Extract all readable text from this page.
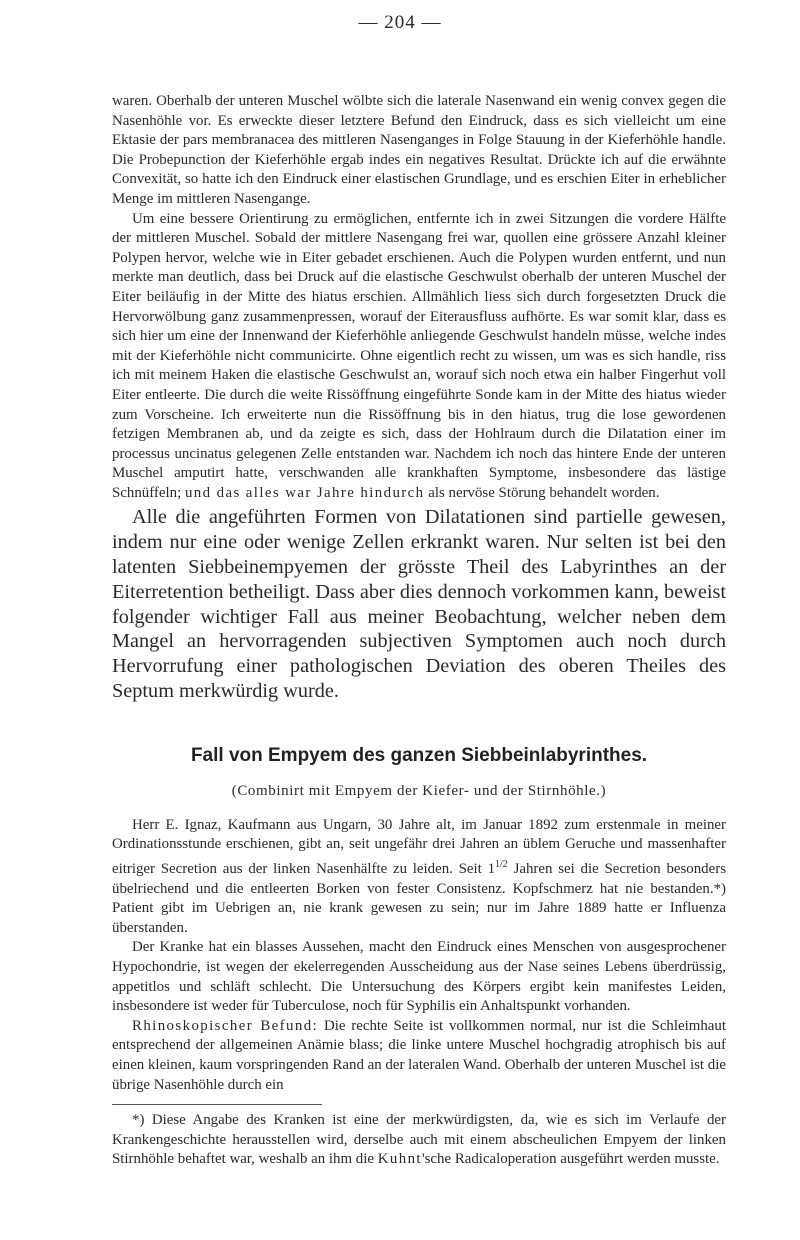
— 204 —

waren. Oberhalb der unteren Muschel wölbte sich die laterale Nasenwand ein wenig convex gegen die Nasenhöhle vor. Es erweckte dieser letztere Befund den Eindruck, dass es sich vielleicht um eine Ektasie der pars membranacea des mittleren Nasenganges in Folge Stauung in der Kieferhöhle handle. Die Probepunction der Kieferhöhle ergab indes ein negatives Resultat. Drückte ich auf die erwähnte Convexität, so hatte ich den Eindruck einer elastischen Grundlage, und es erschien Eiter in erheblicher Menge im mittleren Nasengange.

Um eine bessere Orientirung zu ermöglichen, entfernte ich in zwei Sitzungen die vordere Hälfte der mittleren Muschel. Sobald der mittlere Nasengang frei war, quollen eine grössere Anzahl kleiner Polypen hervor, welche wie in Eiter gebadet erschienen. Auch die Polypen wurden entfernt, und nun merkte man deutlich, dass bei Druck auf die elastische Geschwulst oberhalb der unteren Muschel der Eiter beiläufig in der Mitte des hiatus erschien. Allmählich liess sich durch forgesetzten Druck die Hervorwölbung ganz zusammenpressen, worauf der Eiterausfluss aufhörte. Es war somit klar, dass es sich hier um eine der Innenwand der Kieferhöhle anliegende Geschwulst handeln müsse, welche indes mit der Kieferhöhle nicht communicirte. Ohne eigentlich recht zu wissen, um was es sich handle, riss ich mit meinem Haken die elastische Geschwulst an, worauf sich noch etwa ein halber Fingerhut voll Eiter entleerte. Die durch die weite Rissöffnung eingeführte Sonde kam in der Mitte des hiatus wieder zum Vorscheine. Ich erweiterte nun die Rissöffnung bis in den hiatus, trug die lose gewordenen fetzigen Membranen ab, und da zeigte es sich, dass der Hohlraum durch die Dilatation einer im processus uncinatus gelegenen Zelle entstanden war. Nachdem ich noch das hintere Ende der unteren Muschel amputirt hatte, verschwanden alle krankhaften Symptome, insbesondere das lästige Schnüffeln; und das alles war Jahre hindurch als nervöse Störung behandelt worden.

Alle die angeführten Formen von Dilatationen sind partielle gewesen, indem nur eine oder wenige Zellen erkrankt waren. Nur selten ist bei den latenten Siebbeinempyemen der grösste Theil des Labyrinthes an der Eiterretention betheiligt. Dass aber dies dennoch vorkommen kann, beweist folgender wichtiger Fall aus meiner Beobachtung, welcher neben dem Mangel an hervorragenden subjectiven Symptomen auch noch durch Hervorrufung einer pathologischen Deviation des oberen Theiles des Septum merkwürdig wurde.

Fall von Empyem des ganzen Siebbeinlabyrinthes.
(Combinirt mit Empyem der Kiefer- und der Stirnhöhle.)

Herr E. Ignaz, Kaufmann aus Ungarn, 30 Jahre alt, im Januar 1892 zum erstenmale in meiner Ordinationsstunde erschienen, gibt an, seit ungefähr drei Jahren an üblem Geruche und massenhafter eitriger Secretion aus der linken Nasenhälfte zu leiden. Seit $1^{1/2}$ Jahren sei die Secretion besonders übelriechend und die entleerten Borken von fester Consistenz. Kopfschmerz hat nie bestanden.*) Patient gibt im Uebrigen an, nie krank gewesen zu sein; nur im Jahre 1889 hatte er Influenza überstanden.

Der Kranke hat ein blasses Aussehen, macht den Eindruck eines Menschen von ausgesprochener Hypochondrie, ist wegen der ekelerregenden Ausscheidung aus der Nase seines Lebens überdrüssig, appetitlos und schläft schlecht. Die Untersuchung des Körpers ergibt kein manifestes Leiden, insbesondere ist weder für Tuberculose, noch für Syphilis ein Anhaltspunkt vorhanden.

Rhinoskopischer Befund: Die rechte Seite ist vollkommen normal, nur ist die Schleimhaut entsprechend der allgemeinen Anämie blass; die linke untere Muschel hochgradig atrophisch bis auf einen kleinen, kaum vorspringenden Rand an der lateralen Wand. Oberhalb der unteren Muschel ist die übrige Nasenhöhle durch ein

*) Diese Angabe des Kranken ist eine der merkwürdigsten, da, wie es sich im Verlaufe der Krankengeschichte herausstellen wird, derselbe auch mit einem abscheulichen Empyem der linken Stirnhöhle behaftet war, weshalb an ihm die Kuhnt'sche Radicaloperation ausgeführt werden musste.
